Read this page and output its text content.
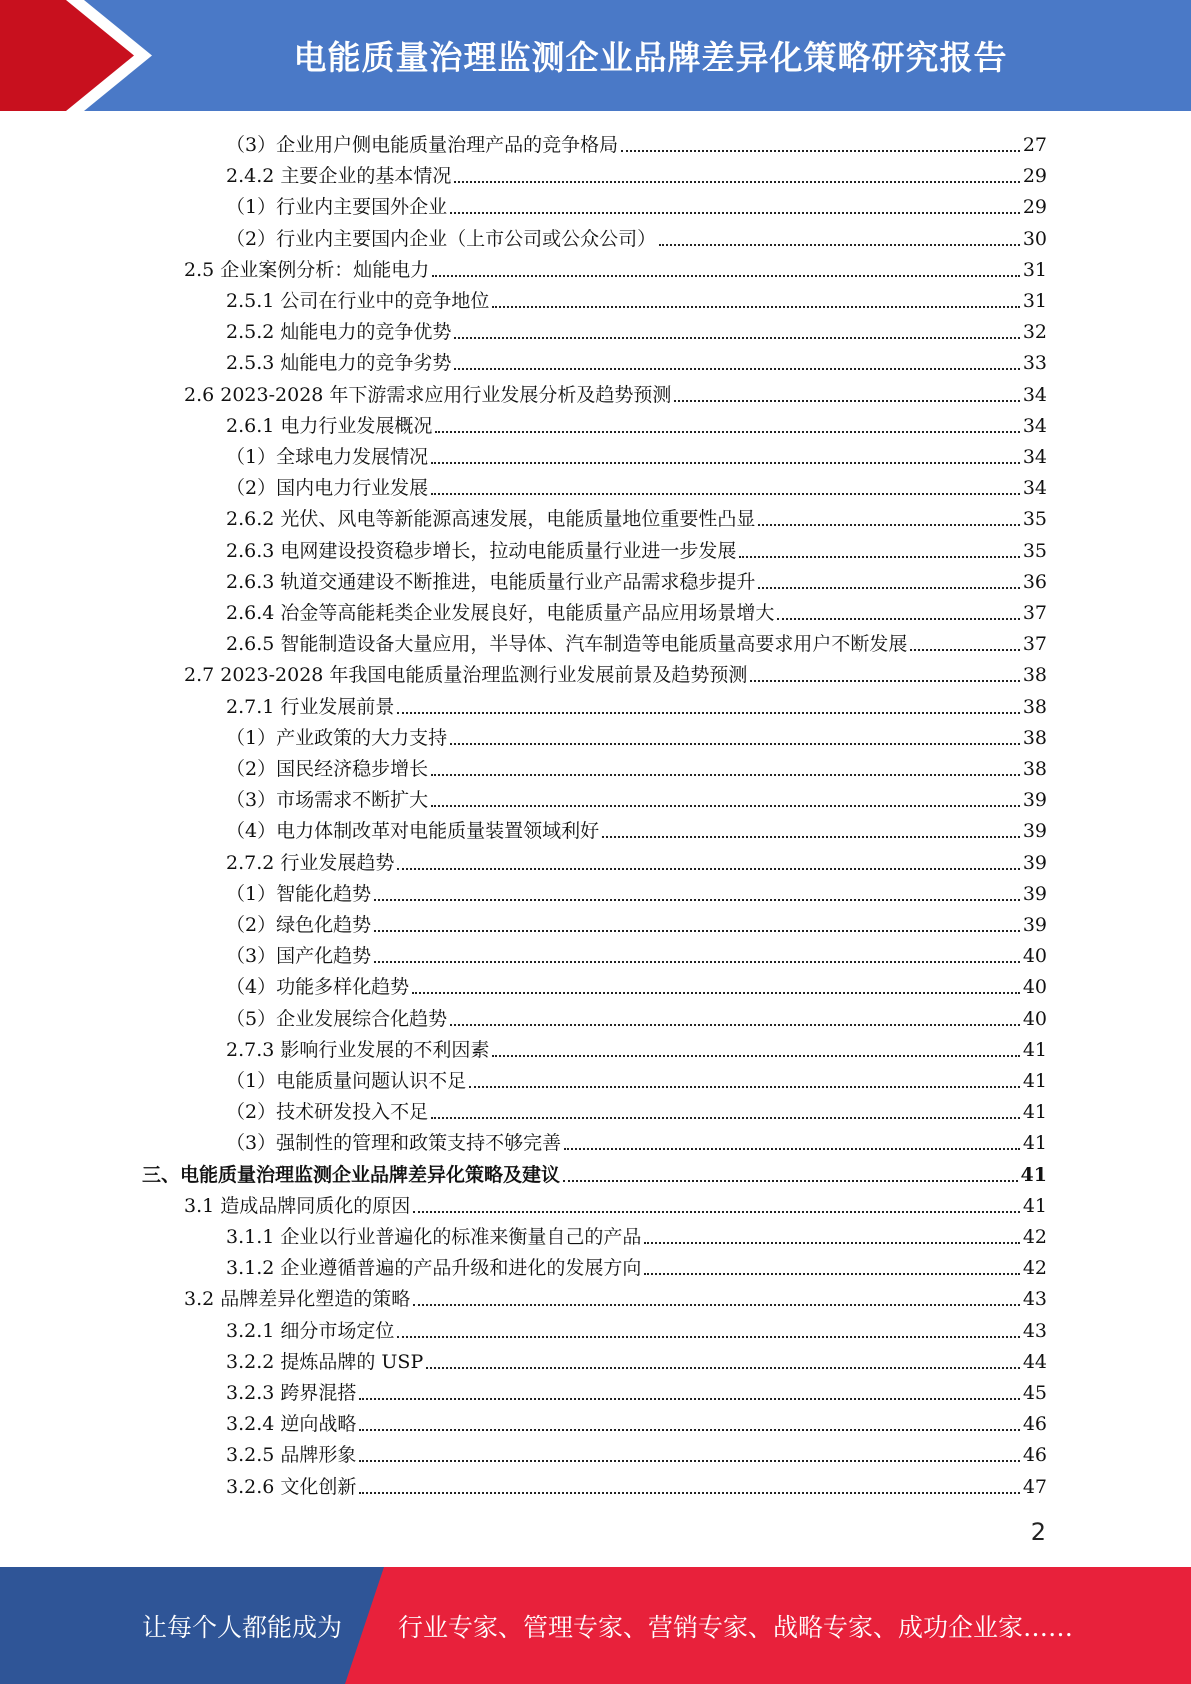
电能质量治理监测企业品牌差异化策略研究报告
（3）企业用户侧电能质量治理产品的竞争格局	27
2.4.2 主要企业的基本情况	29
（1）行业内主要国外企业	29
（2）行业内主要国内企业（上市公司或公众公司）	30
2.5 企业案例分析：灿能电力	31
2.5.1 公司在行业中的竞争地位	31
2.5.2 灿能电力的竞争优势	32
2.5.3 灿能电力的竞争劣势	33
2.6 2023-2028 年下游需求应用行业发展分析及趋势预测	34
2.6.1 电力行业发展概况	34
（1）全球电力发展情况	34
（2）国内电力行业发展	34
2.6.2 光伏、风电等新能源高速发展，电能质量地位重要性凸显	35
2.6.3 电网建设投资稳步增长，拉动电能质量行业进一步发展	35
2.6.3 轨道交通建设不断推进，电能质量行业产品需求稳步提升	36
2.6.4 冶金等高能耗类企业发展良好，电能质量产品应用场景增大	37
2.6.5 智能制造设备大量应用，半导体、汽车制造等电能质量高要求用户不断发展	37
2.7 2023-2028 年我国电能质量治理监测行业发展前景及趋势预测	38
2.7.1 行业发展前景	38
（1）产业政策的大力支持	38
（2）国民经济稳步增长	38
（3）市场需求不断扩大	39
（4）电力体制改革对电能质量装置领域利好	39
2.7.2 行业发展趋势	39
（1）智能化趋势	39
（2）绿色化趋势	39
（3）国产化趋势	40
（4）功能多样化趋势	40
（5）企业发展综合化趋势	40
2.7.3 影响行业发展的不利因素	41
（1）电能质量问题认识不足	41
（2）技术研发投入不足	41
（3）强制性的管理和政策支持不够完善	41
三、电能质量治理监测企业品牌差异化策略及建议	41
3.1 造成品牌同质化的原因	41
3.1.1 企业以行业普遍化的标准来衡量自己的产品	42
3.1.2 企业遵循普遍的产品升级和进化的发展方向	42
3.2 品牌差异化塑造的策略	43
3.2.1 细分市场定位	43
3.2.2 提炼品牌的 USP	44
3.2.3 跨界混搭	45
3.2.4 逆向战略	46
3.2.5 品牌形象	46
3.2.6 文化创新	47
2
让每个人都能成为 行业专家、管理专家、营销专家、战略专家、成功企业家……
